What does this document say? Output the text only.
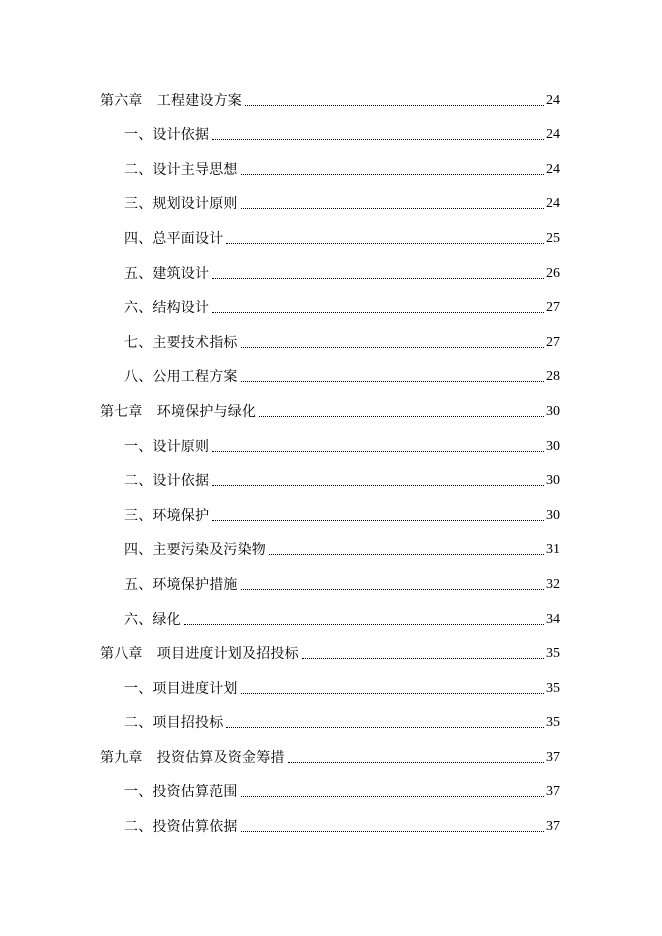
第六章　工程建设方案	24
一、设计依据	24
二、设计主导思想	24
三、规划设计原则	24
四、总平面设计	25
五、建筑设计	26
六、结构设计	27
七、主要技术指标	27
八、公用工程方案	28
第七章　环境保护与绿化	30
一、设计原则	30
二、设计依据	30
三、环境保护	30
四、主要污染及污染物	31
五、环境保护措施	32
六、绿化	34
第八章　项目进度计划及招投标	35
一、项目进度计划	35
二、项目招投标	35
第九章　投资估算及资金筹措	37
一、投资估算范围	37
二、投资估算依据	37
